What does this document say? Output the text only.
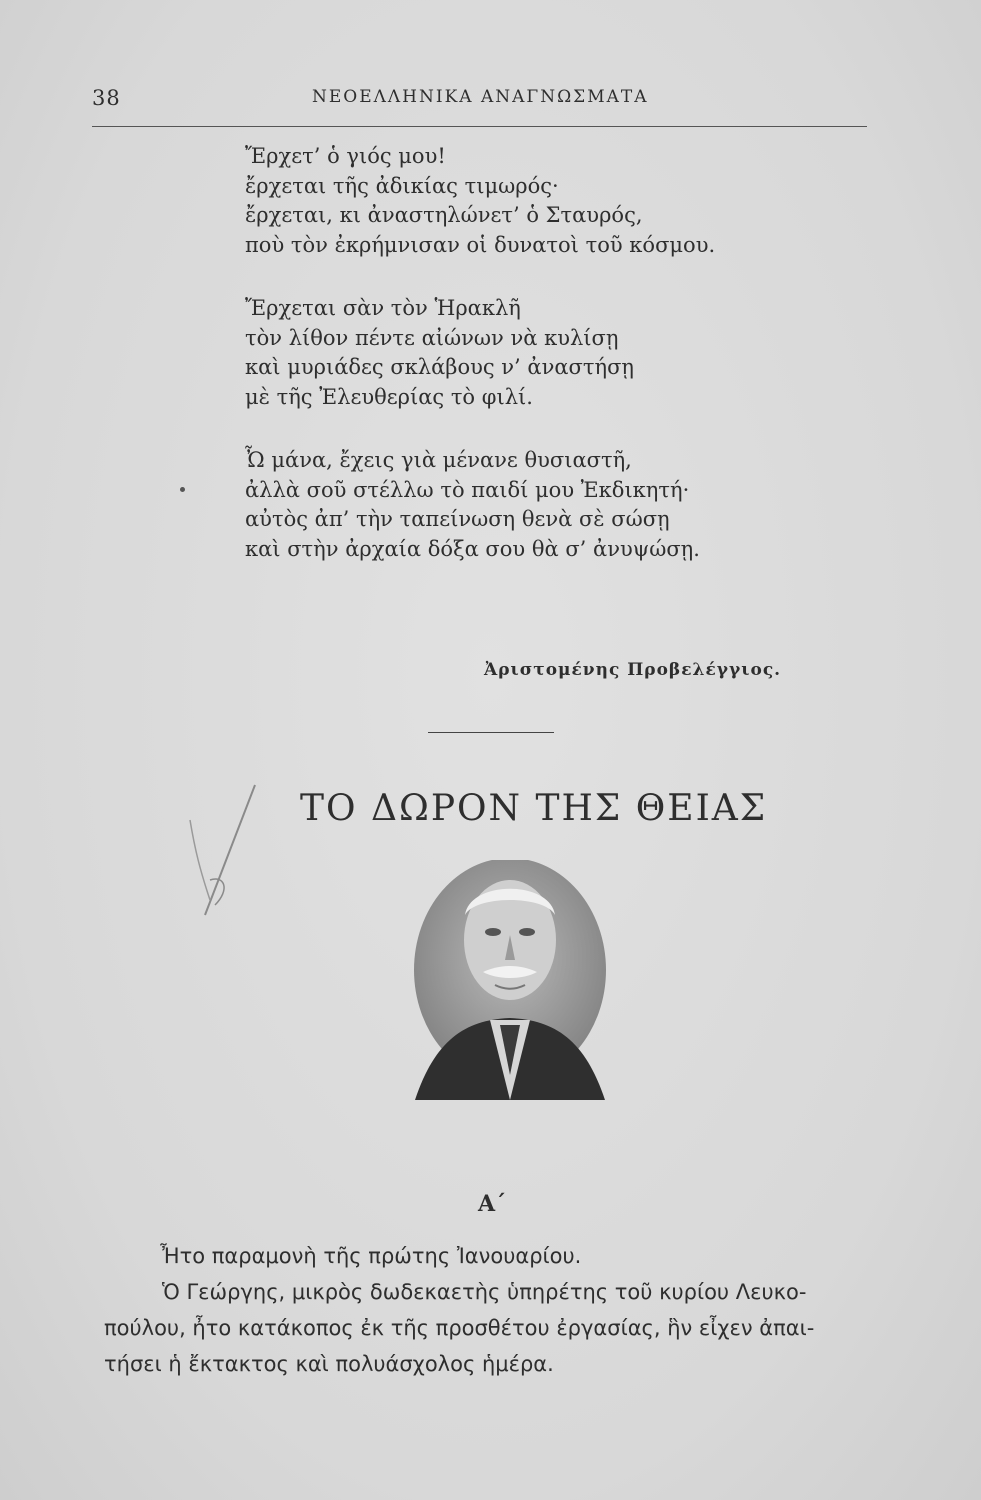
38	ΝΕΟΕΛΛΗΝΙΚΑ ΑΝΑΓΝΩΣΜΑΤΑ
Ἔρχετ’ ὁ γιός μου!
ἔρχεται τῆς ἀδικίας τιμωρός·
ἔρχεται, κι ἀναστηλώνετ’ ὁ Σταυρός,
ποὺ τὸν ἐκρήμνισαν οἱ δυνατοὶ τοῦ κόσμου.
Ἔρχεται σὰν τὸν Ἡρακλῆ
τὸν λίθον πέντε αἰώνων νὰ κυλίσῃ
καὶ μυριάδες σκλάβους ν’ ἀναστήσῃ
μὲ τῆς Ἐλευθερίας τὸ φιλί.
Ὦ μάνα, ἔχεις γιὰ μένανε θυσιαστῆ,
ἀλλὰ σοῦ στέλλω τὸ παιδί μου Ἐκδικητή·
αὐτὸς ἀπ’ τὴν ταπείνωση θενὰ σὲ σώσῃ
καὶ στὴν ἀρχαία δόξα σου θὰ σ’ ἀνυψώσῃ.
Ἀριστομένης Προβελέγγιος.
ΤΟ ΔΩΡΟΝ ΤΗΣ ΘΕΙΑΣ
Α΄
Ἦτο παραμονὴ τῆς πρώτης Ἰανουαρίου.
Ὁ Γεώργης, μικρὸς δωδεκαετὴς ὑπηρέτης τοῦ κυρίου Λευκο-
πούλου, ἦτο κατάκοπος ἐκ τῆς προσθέτου ἐργασίας, ἣν εἶχεν ἀπαι-
τήσει ἡ ἔκτακτος καὶ πολυάσχολος ἡμέρα.
